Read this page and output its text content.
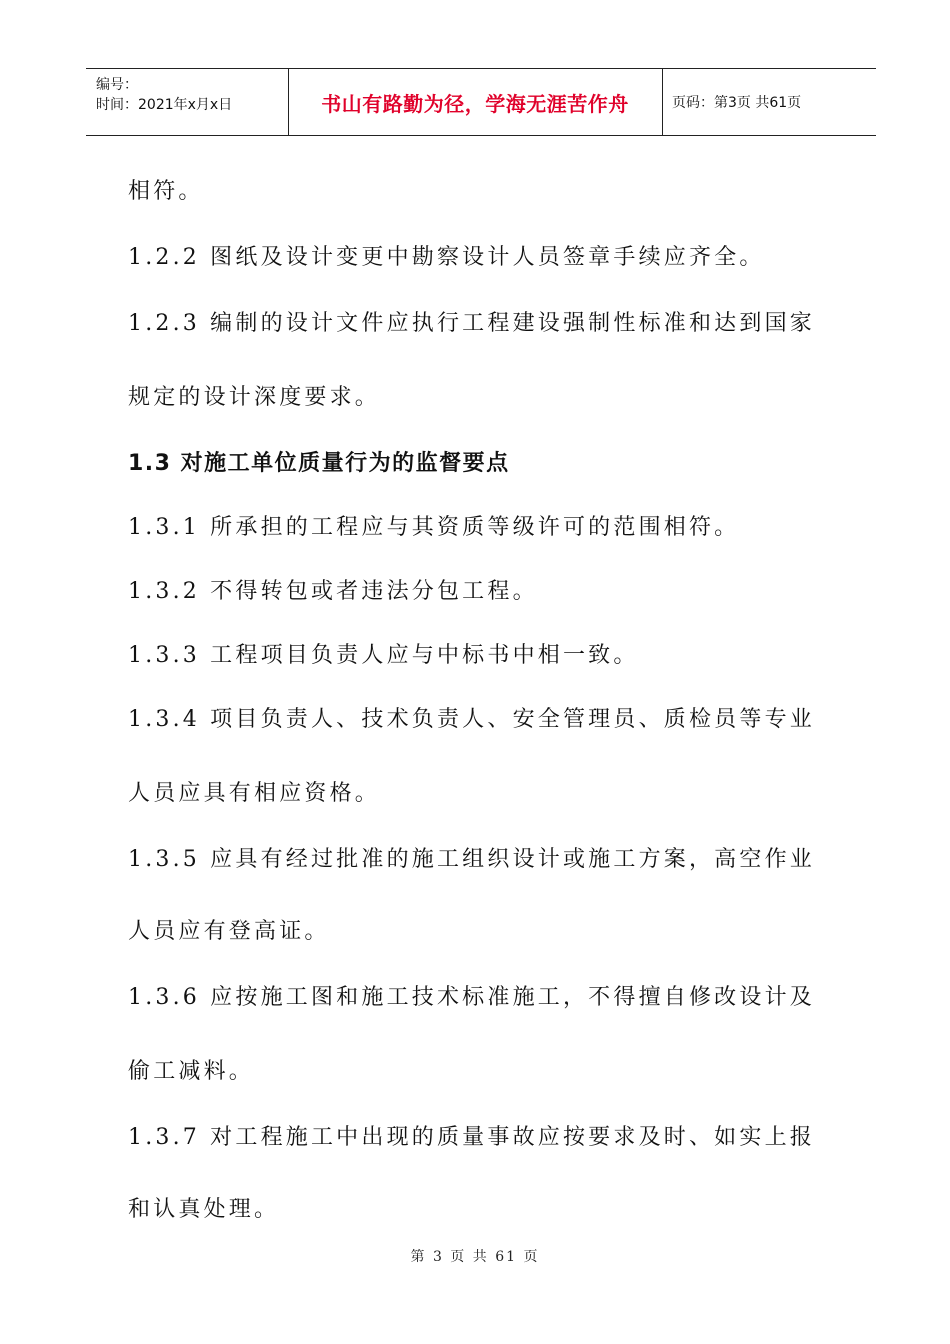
编号：
时间：2021年x月x日	书山有路勤为径，学海无涯苦作舟	页码：第3页 共61页
相符。
1.2.2 图纸及设计变更中勘察设计人员签章手续应齐全。
1.2.3 编制的设计文件应执行工程建设强制性标准和达到国家
规定的设计深度要求。
1.3 对施工单位质量行为的监督要点
1.3.1 所承担的工程应与其资质等级许可的范围相符。
1.3.2 不得转包或者违法分包工程。
1.3.3 工程项目负责人应与中标书中相一致。
1.3.4 项目负责人、技术负责人、安全管理员、质检员等专业
人员应具有相应资格。
1.3.5 应具有经过批准的施工组织设计或施工方案，高空作业
人员应有登高证。
1.3.6 应按施工图和施工技术标准施工，不得擅自修改设计及
偷工减料。
1.3.7 对工程施工中出现的质量事故应按要求及时、如实上报
和认真处理。
第 3 页 共 61 页
